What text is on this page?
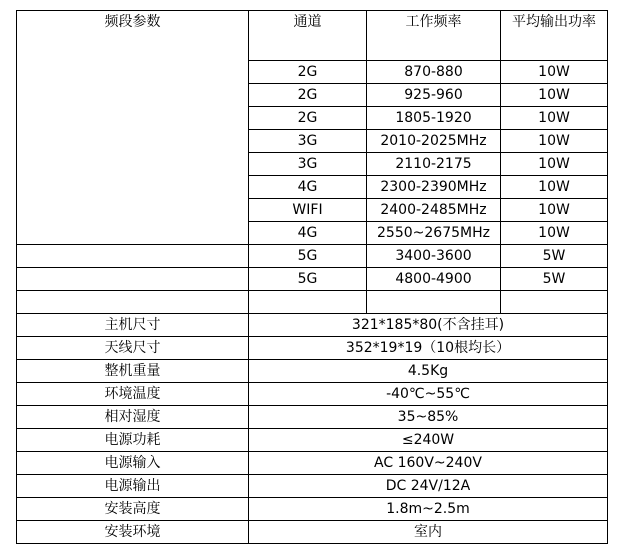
频段参数	通道	工作频率	平均输出功率
	2G	870-880	10W
	2G	925-960	10W
	2G	1805-1920	10W
	3G	2010-2025MHz	10W
	3G	2110-2175	10W
	4G	2300-2390MHz	10W
	WIFI	2400-2485MHz	10W
	4G	2550~2675MHz	10W
	5G	3400-3600	5W
	5G	4800-4900	5W

主机尺寸	321*185*80(不含挂耳)		
天线尺寸	352*19*19（10根均长）		
整机重量	4.5Kg		
环境温度	-40℃~55℃		
相对湿度	35~85%		
电源功耗	≤240W		
电源输入	AC 160V~240V		
电源输出	DC 24V/12A		
安装高度	1.8m~2.5m		
安装环境	室内		
